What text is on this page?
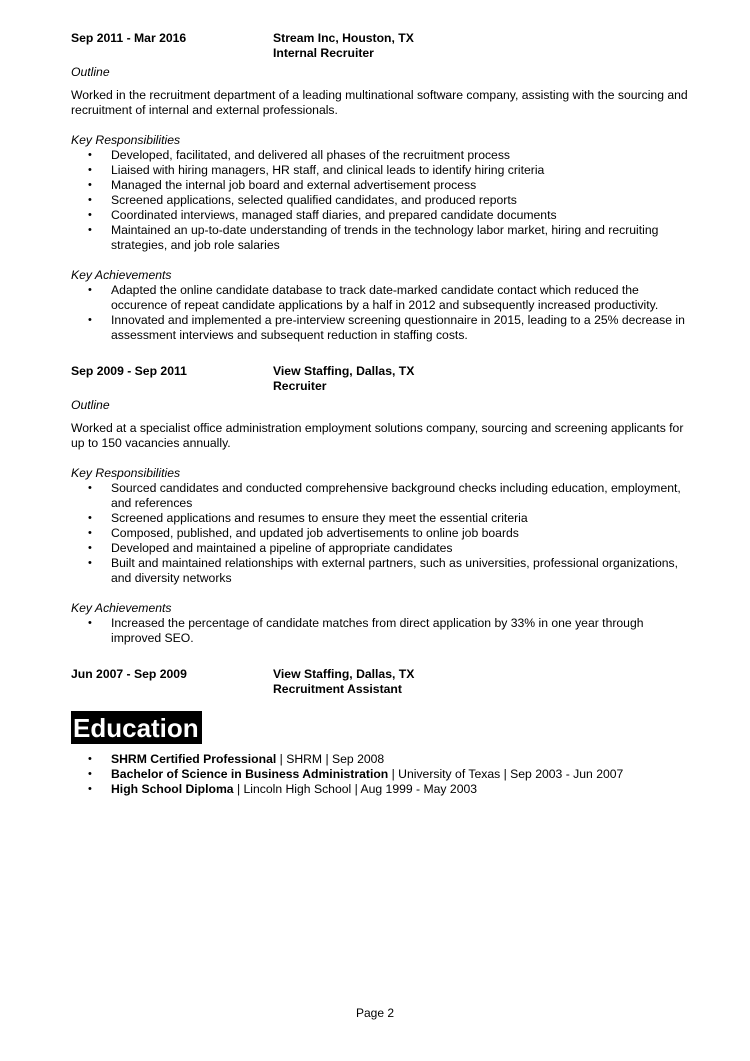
Sep 2011 - Mar 2016	Stream Inc, Houston, TX
Internal Recruiter
Outline
Worked in the recruitment department of a leading multinational software company, assisting with the sourcing and recruitment of internal and external professionals.
Key Responsibilities
• Developed, facilitated, and delivered all phases of the recruitment process
• Liaised with hiring managers, HR staff, and clinical leads to identify hiring criteria
• Managed the internal job board and external advertisement process
• Screened applications, selected qualified candidates, and produced reports
• Coordinated interviews, managed staff diaries, and prepared candidate documents
• Maintained an up-to-date understanding of trends in the technology labor market, hiring and recruiting strategies, and job role salaries
Key Achievements
• Adapted the online candidate database to track date-marked candidate contact which reduced the occurence of repeat candidate applications by a half in 2012 and subsequently increased productivity.
• Innovated and implemented a pre-interview screening questionnaire in 2015, leading to a 25% decrease in assessment interviews and subsequent reduction in staffing costs.
Sep 2009 - Sep 2011	View Staffing, Dallas, TX
Recruiter
Outline
Worked at a specialist office administration employment solutions company, sourcing and screening applicants for up to 150 vacancies annually.
Key Responsibilities
• Sourced candidates and conducted comprehensive background checks including education, employment, and references
• Screened applications and resumes to ensure they meet the essential criteria
• Composed, published, and updated job advertisements to online job boards
• Developed and maintained a pipeline of appropriate candidates
• Built and maintained relationships with external partners, such as universities, professional organizations, and diversity networks
Key Achievements
• Increased the percentage of candidate matches from direct application by 33% in one year through improved SEO.
Jun 2007 - Sep 2009	View Staffing, Dallas, TX
Recruitment Assistant
Education
• SHRM Certified Professional | SHRM | Sep 2008
• Bachelor of Science in Business Administration | University of Texas | Sep 2003 - Jun 2007
• High School Diploma | Lincoln High School | Aug 1999 - May 2003
Page 2
